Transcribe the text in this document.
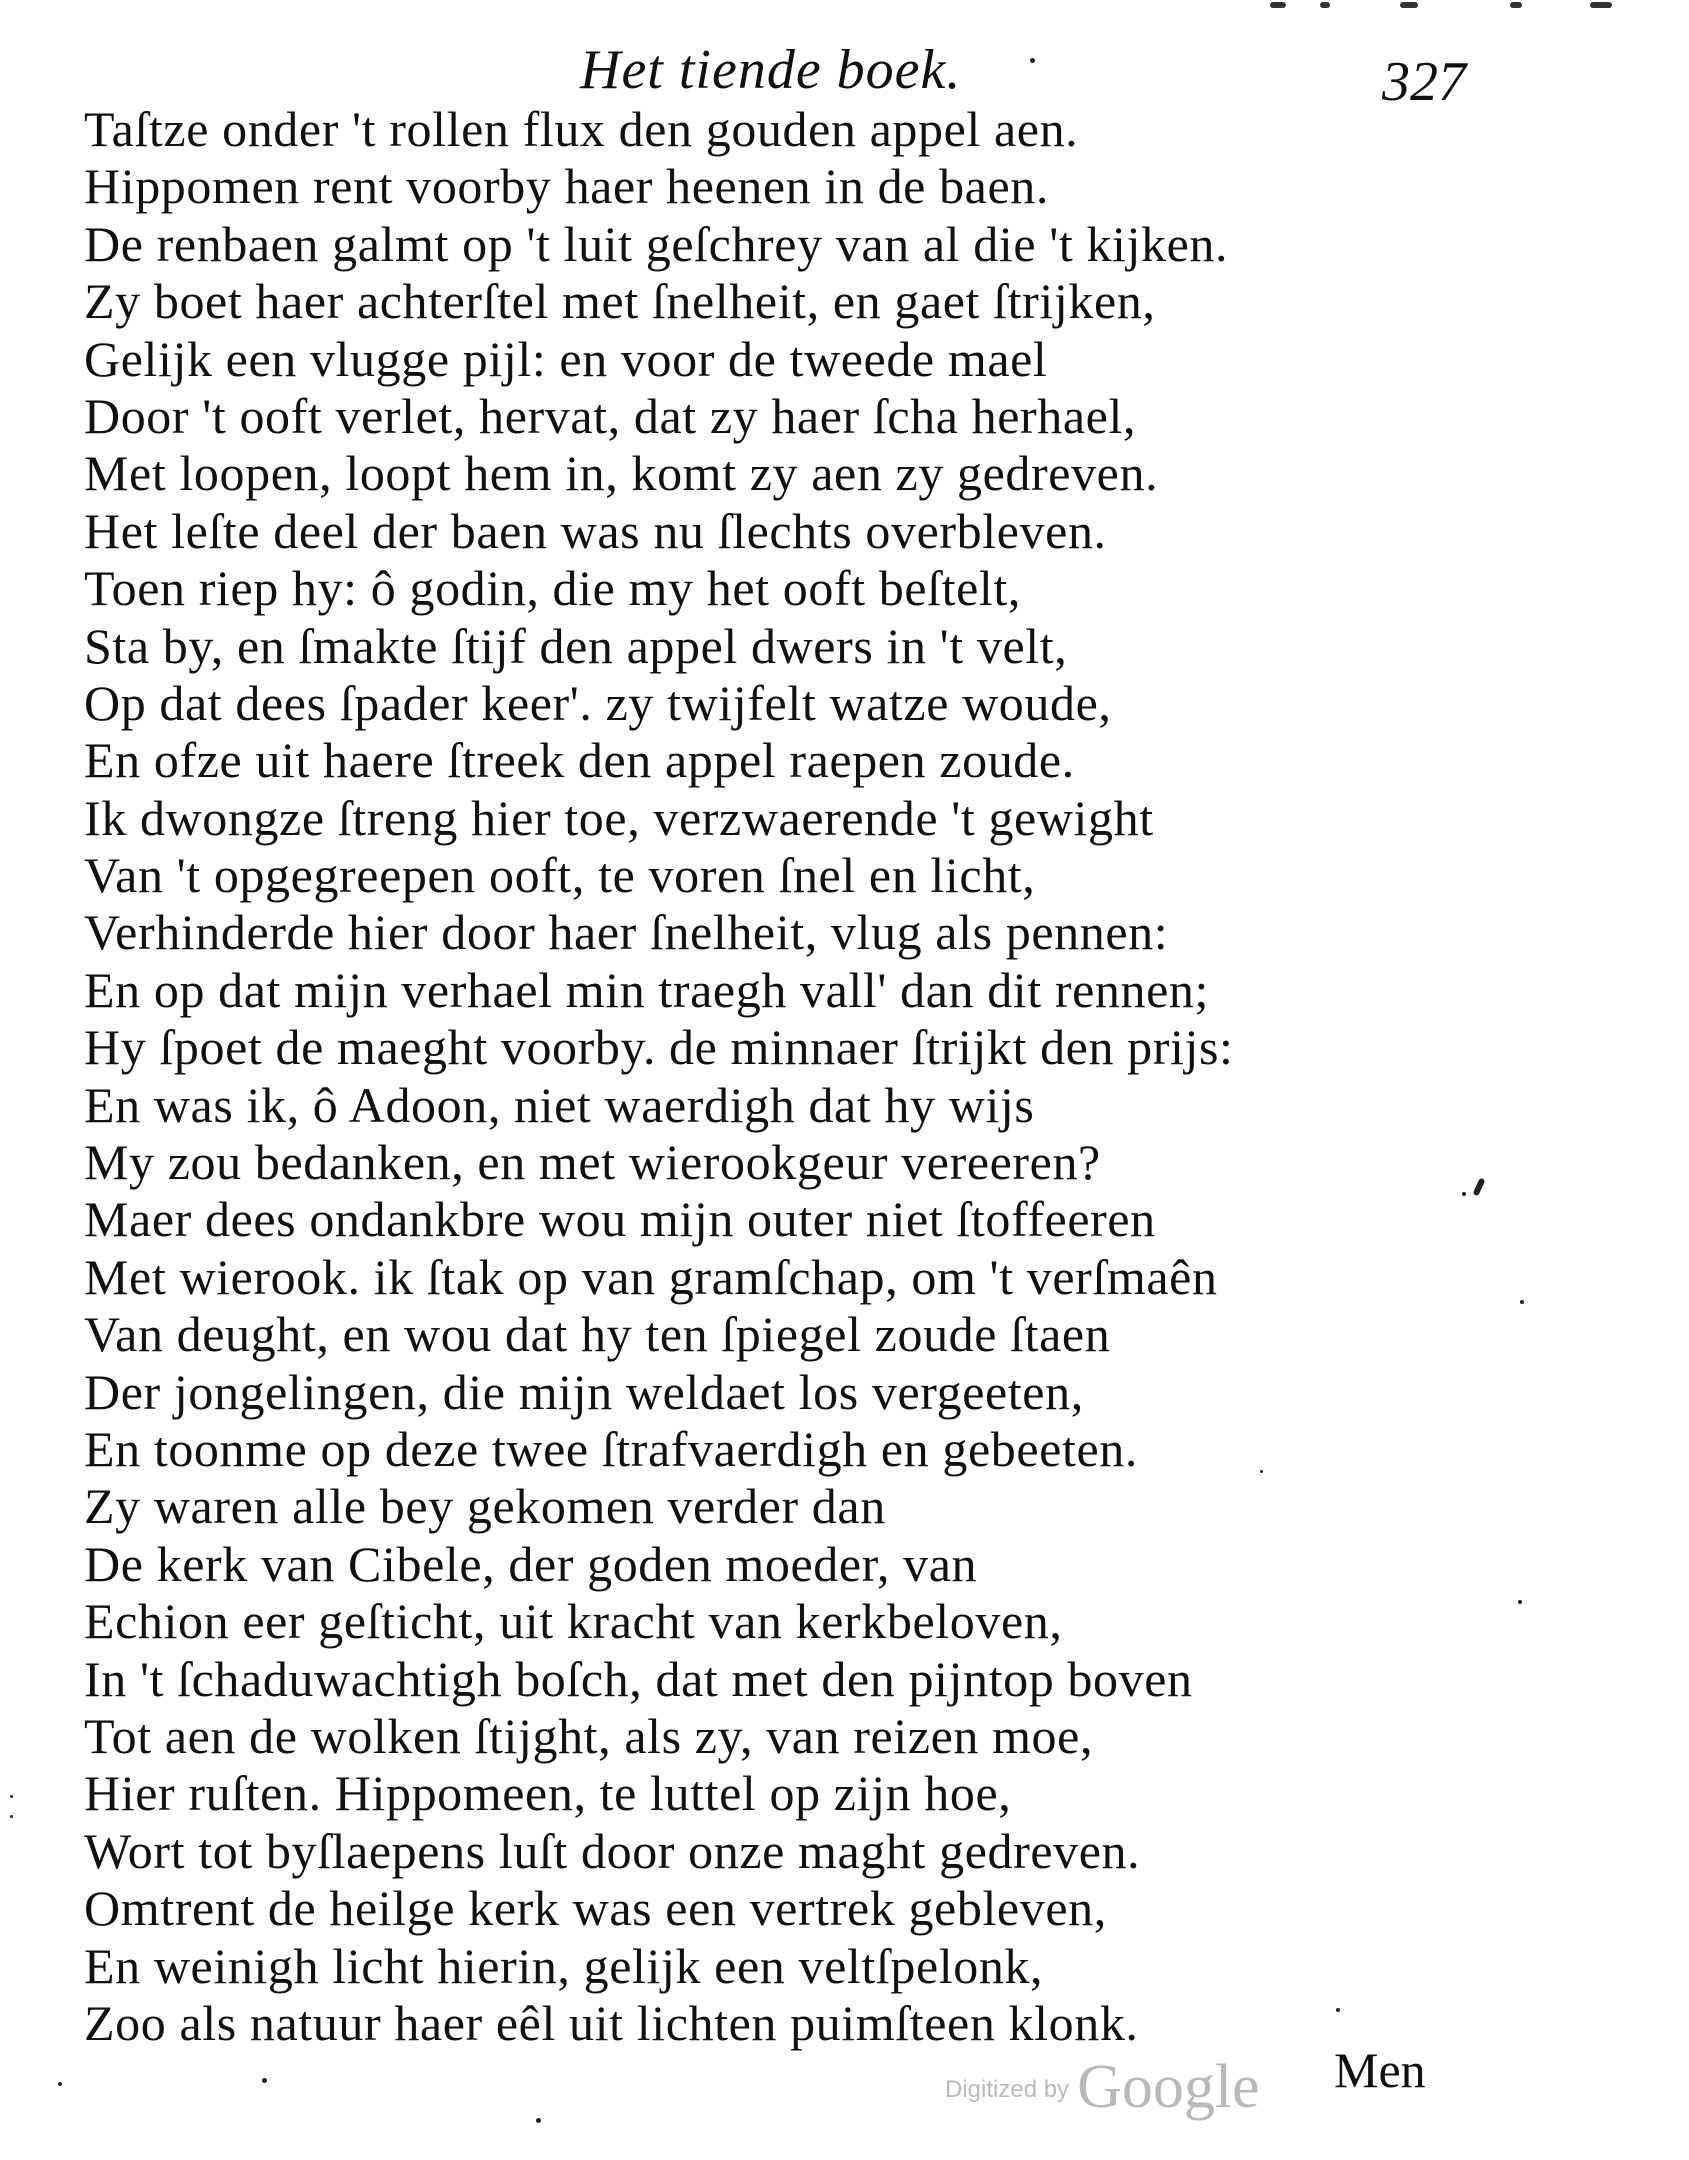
Het tiende boek.	327
Taſtze onder 't rollen flux den gouden appel aen.
Hippomen rent voorby haer heenen in de baen.
De renbaen galmt op 't luit geſchrey van al die 't kijken.
Zy boet haer achterſtel met ſnelheit, en gaet ſtrijken,
Gelijk een vlugge pijl: en voor de tweede mael
Door 't ooft verlet, hervat, dat zy haer ſcha herhael,
Met loopen, loopt hem in, komt zy aen zy gedreven.
Het leſte deel der baen was nu ſlechts overbleven.
Toen riep hy: ô godin, die my het ooft beſtelt,
Sta by, en ſmakte ſtijf den appel dwers in 't velt,
Op dat dees ſpader keer'. zy twijfelt watze woude,
En ofze uit haere ſtreek den appel raepen zoude.
Ik dwongze ſtreng hier toe, verzwaerende 't gewight
Van 't opgegreepen ooft, te voren ſnel en licht,
Verhinderde hier door haer ſnelheit, vlug als pennen:
En op dat mijn verhael min traegh vall' dan dit rennen;
Hy ſpoet de maeght voorby. de minnaer ſtrijkt den prijs:
En was ik, ô Adoon, niet waerdigh dat hy wijs
My zou bedanken, en met wierookgeur vereeren?
Maer dees ondankbre wou mijn outer niet ſtoffeeren
Met wierook. ik ſtak op van gramſchap, om 't verſmaên
Van deught, en wou dat hy ten ſpiegel zoude ſtaen
Der jongelingen, die mijn weldaet los vergeeten,
En toonme op deze twee ſtrafvaerdigh en gebeeten.
Zy waren alle bey gekomen verder dan
De kerk van Cibele, der goden moeder, van
Echion eer geſticht, uit kracht van kerkbeloven,
In 't ſchaduwachtigh boſch, dat met den pijntop boven
Tot aen de wolken ſtijght, als zy, van reizen moe,
Hier ruſten. Hippomeen, te luttel op zijn hoe,
Wort tot byſlaepens luſt door onze maght gedreven.
Omtrent de heilge kerk was een vertrek gebleven,
En weinigh licht hierin, gelijk een veltſpelonk,
Zoo als natuur haer eêl uit lichten puimſteen klonk.
Digitized by Google Men
